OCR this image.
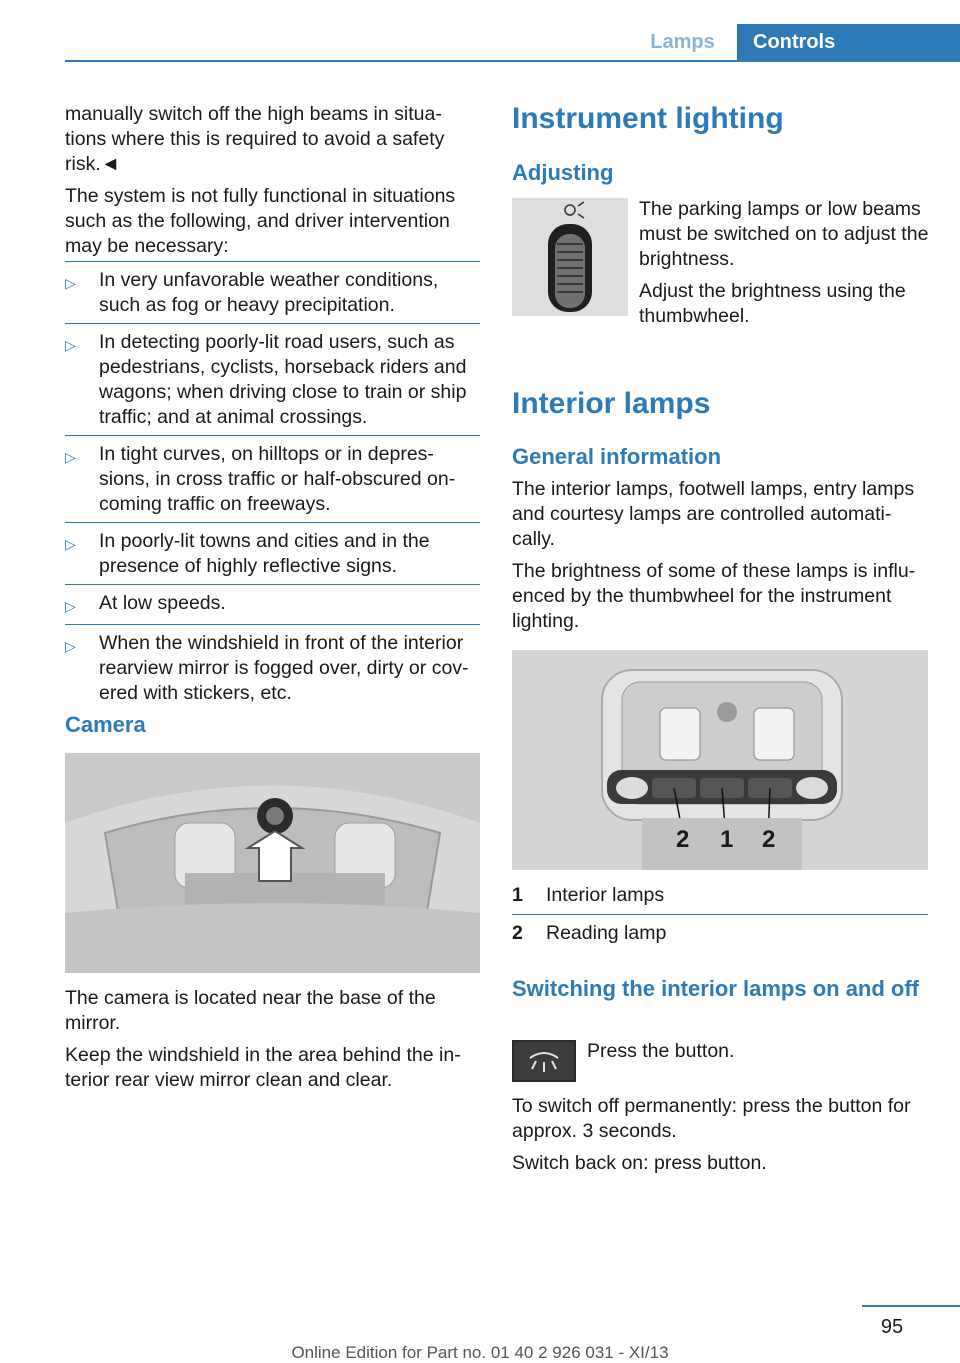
Lamps	Controls

manually switch off the high beams in situa-
tions where this is required to avoid a safety
risk.◄

The system is not fully functional in situations such as the following, and driver intervention may be necessary:

▷	In very unfavorable weather conditions, such as fog or heavy precipitation.
▷	In detecting poorly-lit road users, such as pedestrians, cyclists, horseback riders and wagons; when driving close to train or ship traffic; and at animal crossings.
▷	In tight curves, on hilltops or in depres-sions, in cross traffic or half-obscured on-coming traffic on freeways.
▷	In poorly-lit towns and cities and in the presence of highly reflective signs.
▷	At low speeds.
▷	When the windshield in front of the interior rearview mirror is fogged over, dirty or cov-ered with stickers, etc.
Camera

The camera is located near the base of the mirror.

Keep the windshield in the area behind the in-terior rear view mirror clean and clear.

Instrument lighting
Adjusting

The parking lamps or low beams must be switched on to adjust the brightness.

Adjust the brightness using the thumbwheel.

Interior lamps
General information

The interior lamps, footwell lamps, entry lamps and courtesy lamps are controlled automati-cally.

The brightness of some of these lamps is influ-enced by the thumbwheel for the instrument lighting.

2 1 2
1	Interior lamps
2	Reading lamp
Switching the interior lamps on and off

Press the button.

To switch off permanently: press the button for approx. 3 seconds.

Switch back on: press button.

95
Online Edition for Part no. 01 40 2 926 031 - XI/13
